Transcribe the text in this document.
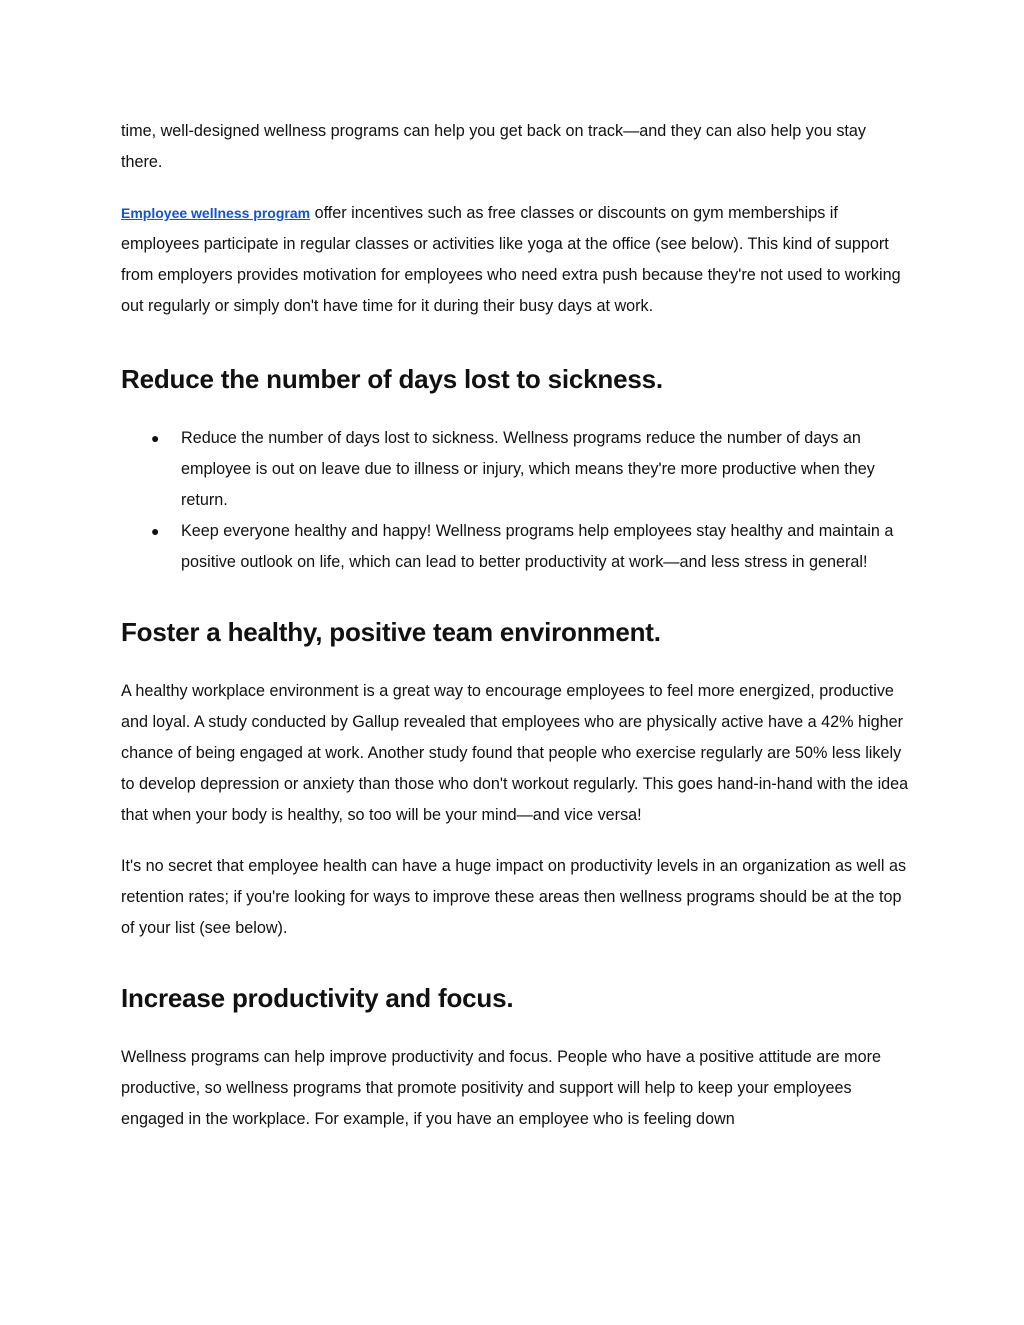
time, well-designed wellness programs can help you get back on track—and they can also help you stay there.

Employee wellness program offer incentives such as free classes or discounts on gym memberships if employees participate in regular classes or activities like yoga at the office (see below). This kind of support from employers provides motivation for employees who need extra push because they're not used to working out regularly or simply don't have time for it during their busy days at work.

Reduce the number of days lost to sickness.
● Reduce the number of days lost to sickness. Wellness programs reduce the number of days an employee is out on leave due to illness or injury, which means they're more productive when they return.
● Keep everyone healthy and happy! Wellness programs help employees stay healthy and maintain a positive outlook on life, which can lead to better productivity at work—and less stress in general!
Foster a healthy, positive team environment.

A healthy workplace environment is a great way to encourage employees to feel more energized, productive and loyal. A study conducted by Gallup revealed that employees who are physically active have a 42% higher chance of being engaged at work. Another study found that people who exercise regularly are 50% less likely to develop depression or anxiety than those who don't workout regularly. This goes hand-in-hand with the idea that when your body is healthy, so too will be your mind—and vice versa!

It's no secret that employee health can have a huge impact on productivity levels in an organization as well as retention rates; if you're looking for ways to improve these areas then wellness programs should be at the top of your list (see below).

Increase productivity and focus.

Wellness programs can help improve productivity and focus. People who have a positive attitude are more productive, so wellness programs that promote positivity and support will help to keep your employees engaged in the workplace. For example, if you have an employee who is feeling down
